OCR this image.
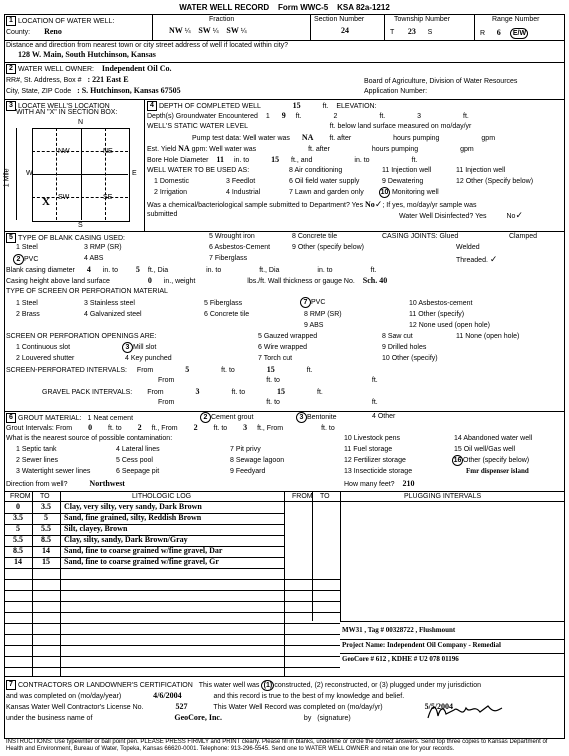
WATER WELL RECORD Form WWC-5 KSA 82a-1212
1 LOCATION OF WATER WELL:
County: Reno
Fraction
NW ¼ SW ¼ SW ¼
Section Number
24
Township Number
T 23 S
Range Number
R 6 E/W
Distance and direction from nearest town or city street address of well if located within city?
128 W. Main, South Hutchinson, Kansas
2 WATER WELL OWNER: Independent Oil Co.
RR#, St. Address, Box # : 221 East E
City, State, ZIP Code : S. Hutchinson, Kansas 67505
Board of Agriculture, Division of Water Resources
Application Number:
3 LOCATE WELL'S LOCATION
WITH AN "X" IN SECTION BOX:
N
S
W	E
NW	NE
SW	SE
X
1 Mile
4 DEPTH OF COMPLETED WELL	15	ft. ELEVATION:
Depth(s) Groundwater Encountered 1 9 ft.	2	ft.	3	ft.
WELL'S STATIC WATER LEVEL	ft. below land surface measured on mo/day/yr
Pump test data: Well water was NA ft. after	hours pumping	gpm
Est. Yield NA gpm: Well water was	ft. after	hours pumping	gpm
Bore Hole Diameter 11 in. to	15 ft., and	in. to	ft.
WELL WATER TO BE USED AS:	8 Air conditioning	11 Injection well	11 Injection well
1 Domestic	3 Feedlot	6 Oil field water supply	9 Dewatering	12 Other (Specify below)
2 Irrigation	4 Industrial	7 Lawn and garden only 10 Monitoring well
Was a chemical/bacteriological sample submitted to Department? Yes No✓; If yes, mo/day/yr sample was
submitted	Water Well Disinfected? Yes	No✓
5 TYPE OF BLANK CASING USED:	5 Wrought iron	8 Concrete tile	CASING JOINTS: Glued	Clamped
1 Steel	3 RMP (SR)	6 Asbestos-Cement	9 Other (specify below)	Welded
2 PVC	4 ABS	7 Fiberglass	Threaded. ✓
Blank casing diameter 4 in. to 5 ft., Dia	in. to	ft., Dia	in. to	ft.
Casing height above land surface	0 in., weight	lbs./ft. Wall thickness or gauge No. Sch. 40
TYPE OF SCREEN OR PERFORATION MATERIAL
1 Steel	3 Stainless steel	5 Fiberglass	7 PVC	10 Asbestos-cement
2 Brass	4 Galvanized steel	6 Concrete tile	8 RMP (SR)	11 Other (specify)
9 ABS	12 None used (open hole)
SCREEN OR PERFORATION OPENINGS ARE:	5 Gauzed wrapped	8 Saw cut	11 None (open hole)
1 Continuous slot	3 Mill slot	6 Wire wrapped	9 Drilled holes
2 Louvered shutter	4 Key punched	7 Torch cut	10 Other (specify)
SCREEN-PERFORATED INTERVALS: From	5	ft. to	15	ft.
From	ft. to	ft.
GRAVEL PACK INTERVALS: From	3	ft. to	15	ft.
From	ft. to	ft.
6 GROUT MATERIAL: 1 Neat cement	2 Cement grout	3 Bentonite	4 Other
Grout Intervals: From 0 ft. to 2 ft., From 2 ft. to 3 ft., From	ft. to
What is the nearest source of possible contamination:	10 Livestock pens	14 Abandoned water well
1 Septic tank	4 Lateral lines	7 Pit privy	11 Fuel storage	15 Oil well/Gas well
2 Sewer lines	5 Cess pool	8 Sewage lagoon	12 Fertilizer storage	16 Other (specify below)
3 Watertight sewer lines	6 Seepage pit	9 Feedyard	13 Insecticide storage	Fmr dispenser island
Direction from well?	Northwest	How many feet? 210
FROM TO	LITHOLOGIC LOG	FROM TO	PLUGGING INTERVALS
0	3.5	Clay, very silty, very sandy, Dark Brown
3.5	5	Sand, fine grained, silty, Reddish Brown
5	5.5	Silt, clayey, Brown
5.5	8.5	Clay, silty, sandy, Dark Brown/Gray
8.5	14	Sand, fine to coarse grained w/fine gravel, Dar
14	15	Sand, fine to coarse grained w/fine gravel, Gr
MW31 , Tag # 00328722 , Flushmount
Project Name: Independent Oil Company - Remedial
GeoCore # 612 , KDHE # U2 078 01196
7 CONTRACTORS OR LANDOWNER'S CERTIFICATION This water well was (1) constructed, (2) reconstructed, or (3) plugged under my jurisdiction
and was completed on (mo/day/year)	4/6/2004	and this record is true to the best of my knowledge and belief.
Kansas Water Well Contractor's License No.	527	This Water Well Record was completed on (mo/day/yr)	5/5/2004
under the business name of	GeoCore, Inc.	by (signature)
INSTRUCTIONS: Use typewriter or ball point pen. PLEASE PRESS FIRMLY and PRINT clearly. Please fill in blanks, underline or circle the correct answers. Send top three copies to Kansas Department of Health and Environment, Bureau of Water, Topeka, Kansas 66620-0001. Telephone: 913-296-5545. Send one to WATER WELL OWNER and retain one for your records.
